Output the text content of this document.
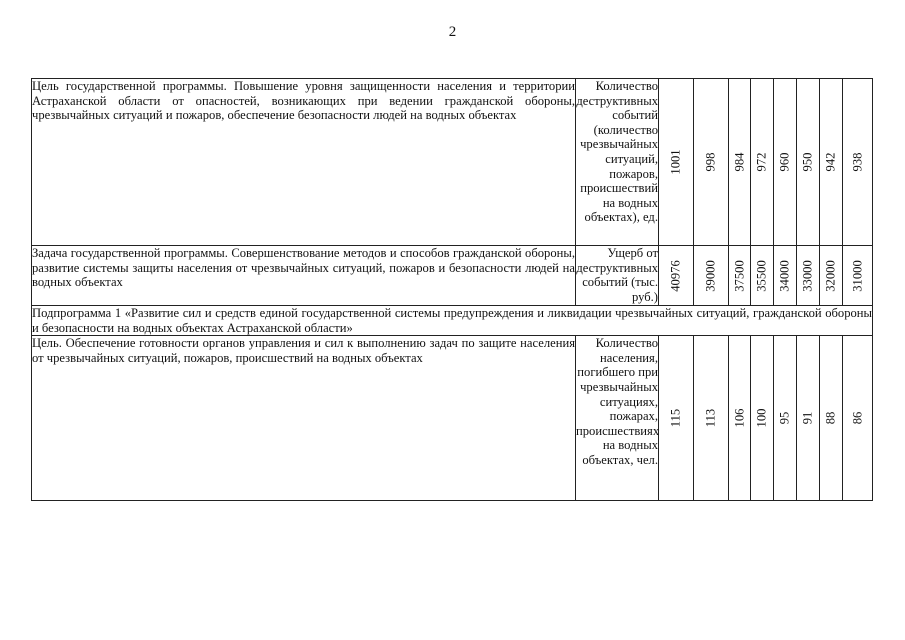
2
Цель государственной программы. Повышение уровня защищенности населения и территории Астраханской области от опасностей, возникающих при ведении гражданской обороны, чрезвычайных ситуаций и пожаров, обеспечение безопасности людей на водных объектах	Количество деструктивных событий (количество чрезвычайных ситуаций, пожаров, происшествий на водных объектах), ед.	1001	998	984	972	960	950	942	938

Задача государственной программы. Совершенствование методов и способов гражданской обороны, развитие системы защиты населения от чрезвычайных ситуаций, пожаров и безопасности людей на водных объектах	Ущерб от деструктивных событий (тыс. руб.)	40976	39000	37500	35500	34000	33000	32000	31000

Подпрограмма 1 «Развитие сил и средств единой государственной системы предупреждения и ликвидации чрезвычайных ситуаций, гражданской обороны и безопасности на водных объектах Астраханской области»									
Цель. Обеспечение готовности органов управления и сил к выполнению задач по защите населения от чрезвычайных ситуаций, пожаров, происшествий на водных объектах	Количество населения, погибшего при чрезвычайных ситуациях, пожарах, происшествиях на водных объектах, чел.	115	113	106	100	95	91	88	86
